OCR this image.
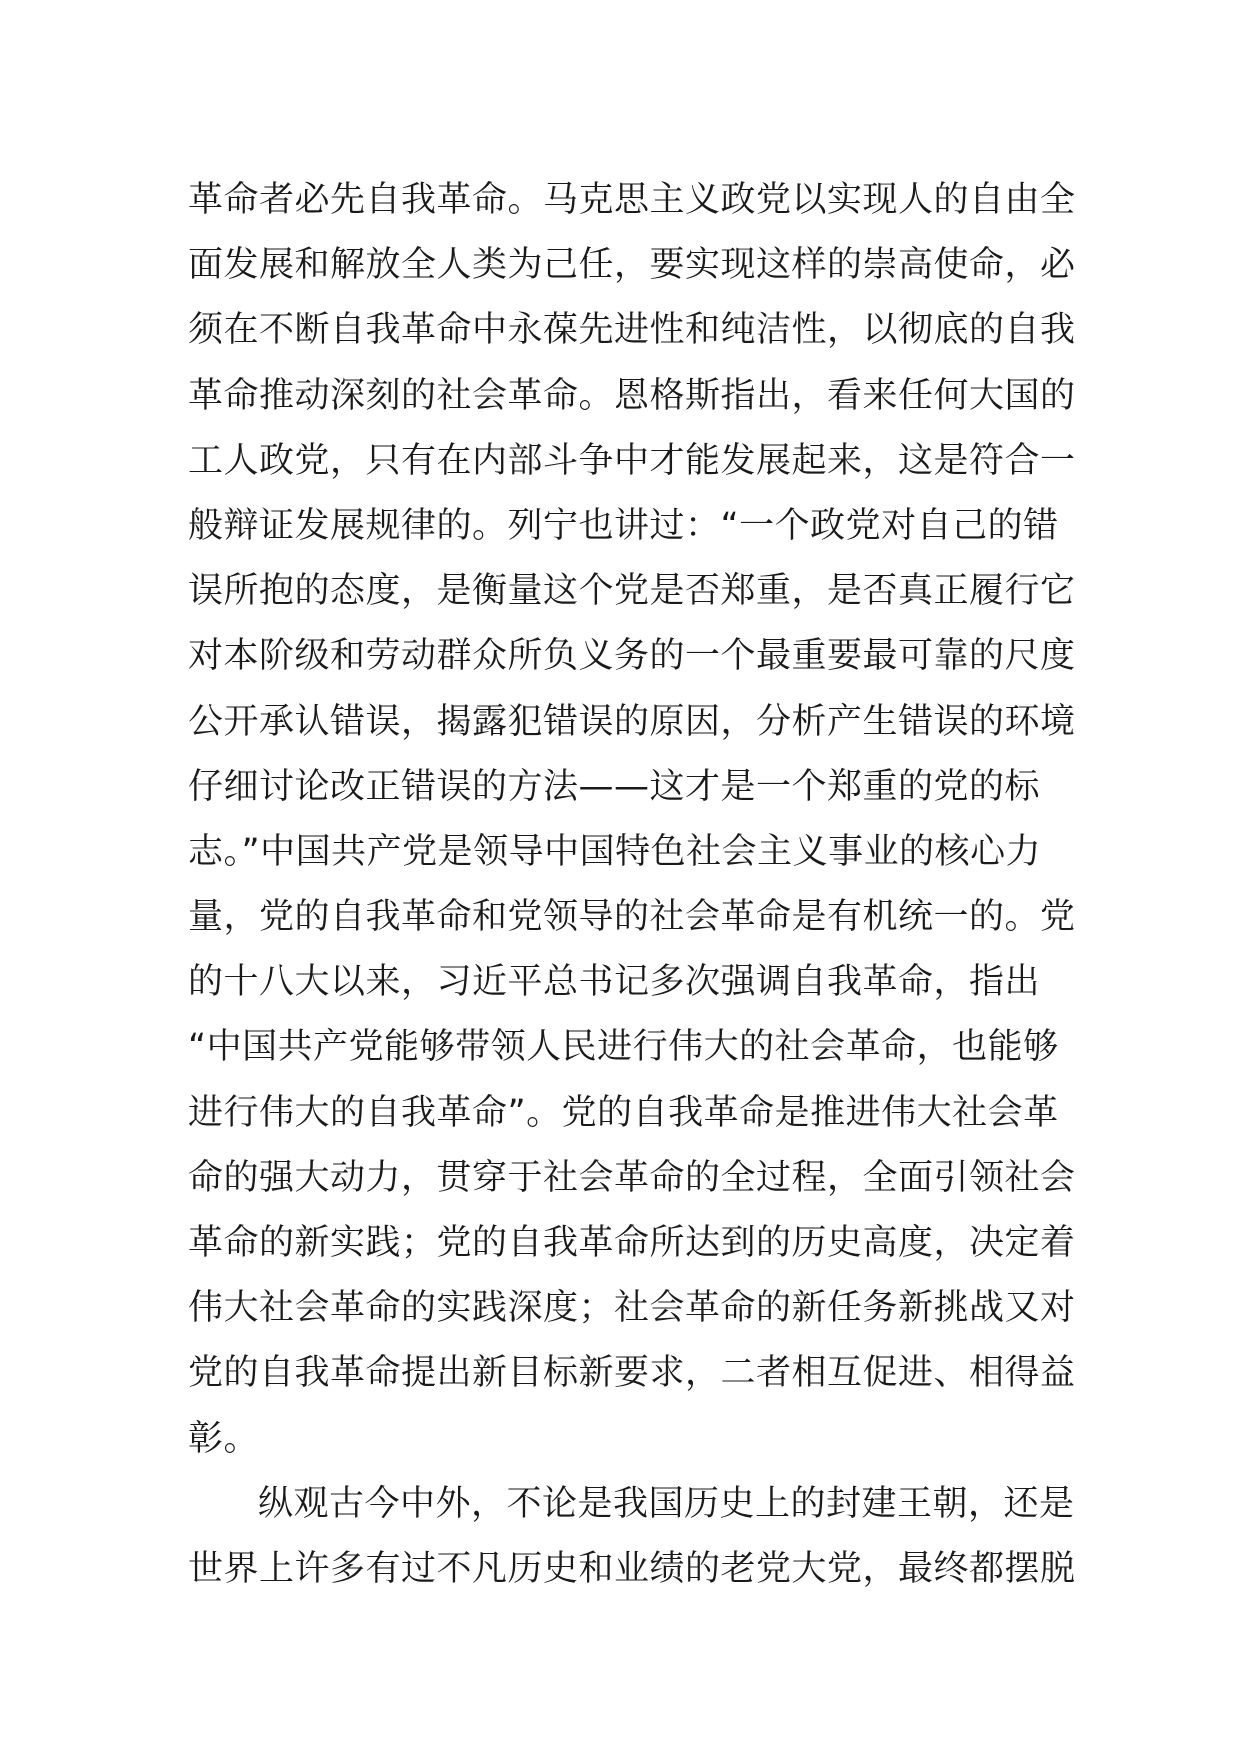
革命者必先自我革命。马克思主义政党以实现人的自由全
面发展和解放全人类为己任，要实现这样的崇高使命，必
须在不断自我革命中永葆先进性和纯洁性，以彻底的自我
革命推动深刻的社会革命。恩格斯指出，看来任何大国的
工人政党，只有在内部斗争中才能发展起来，这是符合一
般辩证发展规律的。列宁也讲过：“一个政党对自己的错
误所抱的态度，是衡量这个党是否郑重，是否真正履行它
对本阶级和劳动群众所负义务的一个最重要最可靠的尺度
公开承认错误，揭露犯错误的原因，分析产生错误的环境
仔细讨论改正错误的方法——这才是一个郑重的党的标
志。”中国共产党是领导中国特色社会主义事业的核心力
量，党的自我革命和党领导的社会革命是有机统一的。党
的十八大以来，习近平总书记多次强调自我革命，指出
“中国共产党能够带领人民进行伟大的社会革命，也能够
进行伟大的自我革命”。党的自我革命是推进伟大社会革
命的强大动力，贯穿于社会革命的全过程，全面引领社会
革命的新实践；党的自我革命所达到的历史高度，决定着
伟大社会革命的实践深度；社会革命的新任务新挑战又对
党的自我革命提出新目标新要求，二者相互促进、相得益
彰。
纵观古今中外，不论是我国历史上的封建王朝，还是
世界上许多有过不凡历史和业绩的老党大党，最终都摆脱
